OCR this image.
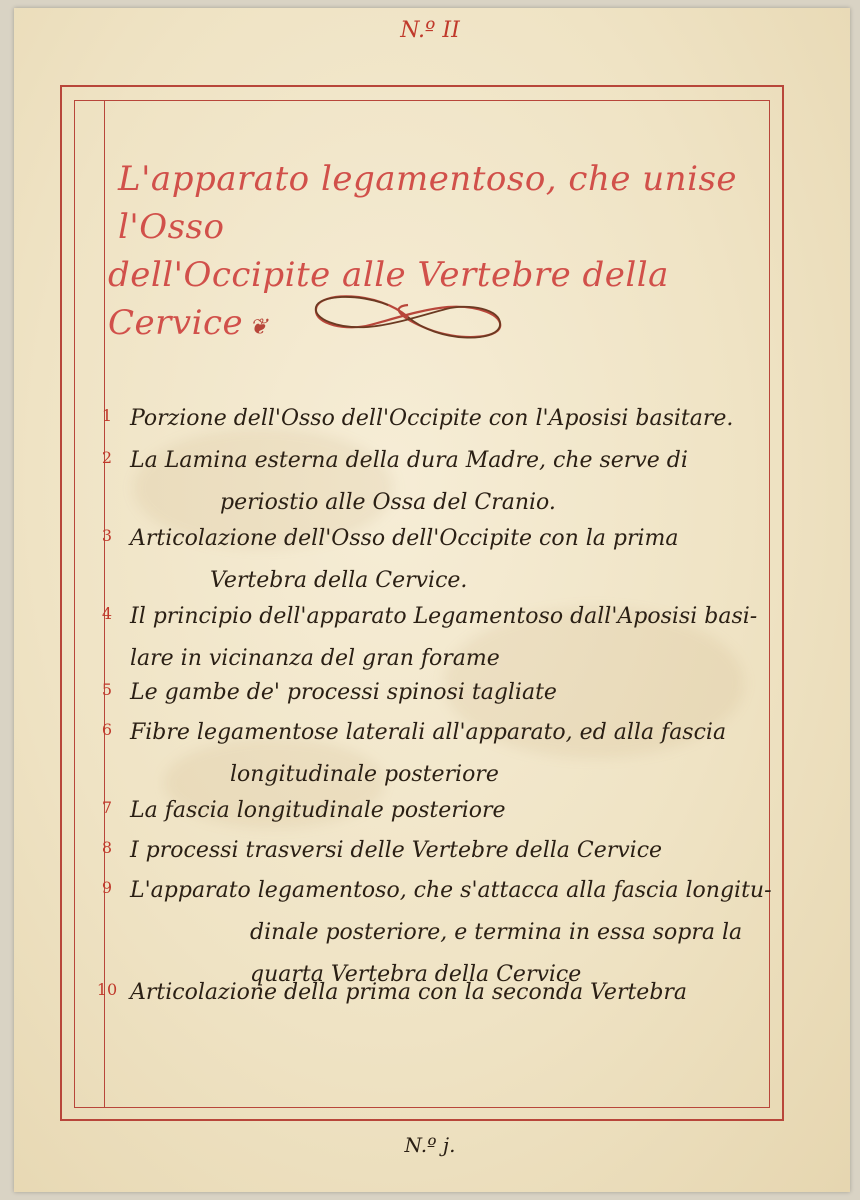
N.º II
L'apparato legamentoso, che unise l'Osso
dell'Occipite alle Vertebre della Cervice ❦
1 Porzione dell'Osso dell'Occipite con l'Aposisi basitare.
2 La Lamina esterna della dura Madre, che serve di
periostio alle Ossa del Cranio.
3 Articolazione dell'Osso dell'Occipite con la prima
Vertebra della Cervice.
4 Il principio dell'apparato Legamentoso dall'Aposisi basi-
lare in vicinanza del gran forame
5 Le gambe de' processi spinosi tagliate
6 Fibre legamentose laterali all'apparato, ed alla fascia
longitudinale posteriore
7 La fascia longitudinale posteriore
8 I processi trasversi delle Vertebre della Cervice
9 L'apparato legamentoso, che s'attacca alla fascia longitu-
dinale posteriore, e termina in essa sopra la
quarta Vertebra della Cervice
10 Articolazione della prima con la seconda Vertebra
N.º j.
